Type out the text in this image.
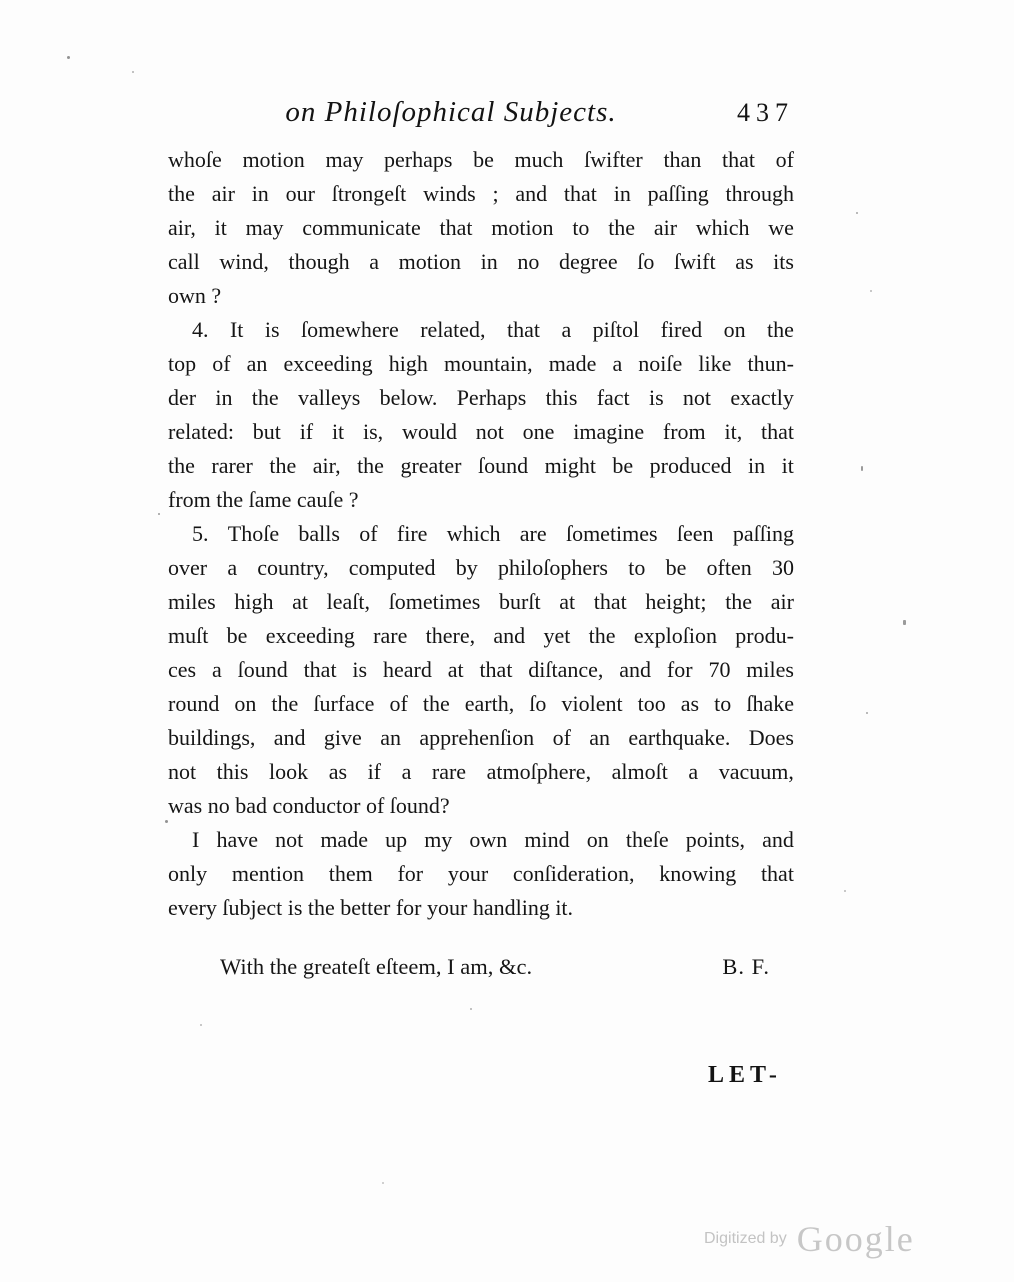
on Philoſophical Subjects.	437
whoſe motion may perhaps be much ſwifter than that of
the air in our ſtrongeſt winds ; and that in paſſing through
air, it may communicate that motion to the air which we
call wind, though a motion in no degree ſo ſwift as its
own ?
4. It is ſomewhere related, that a piſtol fired on the
top of an exceeding high mountain, made a noiſe like thun-
der in the valleys below. Perhaps this fact is not exactly
related: but if it is, would not one imagine from it, that
the rarer the air, the greater ſound might be produced in it
from the ſame cauſe ?
5. Thoſe balls of fire which are ſometimes ſeen paſſing
over a country, computed by philoſophers to be often 30
miles high at leaſt, ſometimes burſt at that height; the air
muſt be exceeding rare there, and yet the exploſion produ-
ces a ſound that is heard at that diſtance, and for 70 miles
round on the ſurface of the earth, ſo violent too as to ſhake
buildings, and give an apprehenſion of an earthquake. Does
not this look as if a rare atmoſphere, almoſt a vacuum,
was no bad conductor of ſound?
I have not made up my own mind on theſe points, and
only mention them for your conſideration, knowing that
every ſubject is the better for your handling it.
With the greateſt eſteem, I am, &c.	B. F.
LET-
Digitized by Google
